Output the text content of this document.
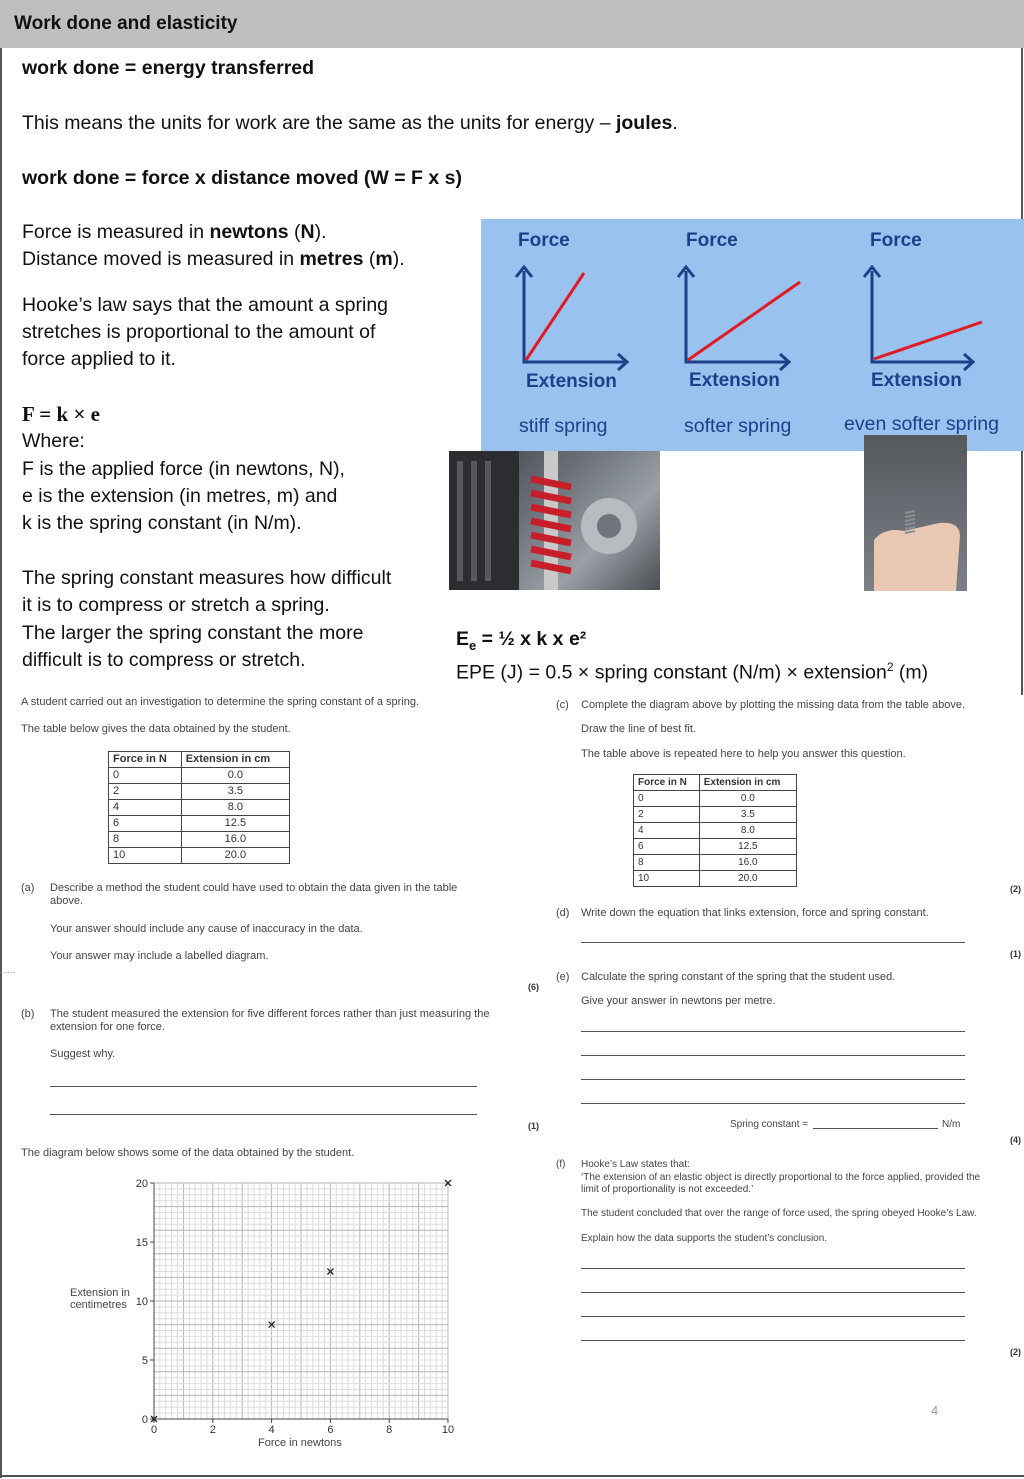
Work done and elasticity
work done = energy transferred
This means the units for work are the same as the units for energy – joules.
work done = force x distance moved (W = F x s)
Force is measured in newtons (N).
Distance moved is measured in metres (m).
Hooke’s law says that the amount a spring
stretches is proportional to the amount of
force applied to it.
F = k × e
Where:
F is the applied force (in newtons, N),
e is the extension (in metres, m) and
k is the spring constant (in N/m).
The spring constant measures how difficult
it is to compress or stretch a spring.
The larger the spring constant the more
difficult is to compress or stretch.
$E_e$ = ½ x k x e²
EPE (J) = 0.5 × spring constant (N/m) × extension$^2$ (m)
Force	Force	Force
Extension	Extension	Extension
stiff spring	softer spring	even softer spring
A student carried out an investigation to determine the spring constant of a spring.
The table below gives the data obtained by the student.
Force in N	Extension in cm
0	0.0
2	3.5
4	8.0
6	12.5
8	16.0
10	20.0
(a) Describe a method the student could have used to obtain the data given in the table
above.
Your answer should include any cause of inaccuracy in the data.
Your answer may include a labelled diagram.
......
(6)
(b) The student measured the extension for five different forces rather than just measuring the
extension for one force.
Suggest why.
(1)
The diagram below shows some of the data obtained by the student.
Extension in
centimetres
Force in newtons
0	2	4	6	8	10
0
5
10
15
20
(c) Complete the diagram above by plotting the missing data from the table above.
Draw the line of best fit.
The table above is repeated here to help you answer this question.
Force in N	Extension in cm
0	0.0
2	3.5
4	8.0
6	12.5
8	16.0
10	20.0
(2)
(d) Write down the equation that links extension, force and spring constant.
(1)
(e) Calculate the spring constant of the spring that the student used.
Give your answer in newtons per metre.
Spring constant =	N/m
(4)
(f) Hooke’s Law states that:
‘The extension of an elastic object is directly proportional to the force applied, provided the
limit of proportionality is not exceeded.’
The student concluded that over the range of force used, the spring obeyed Hooke’s Law.
Explain how the data supports the student’s conclusion.
(2)
4
